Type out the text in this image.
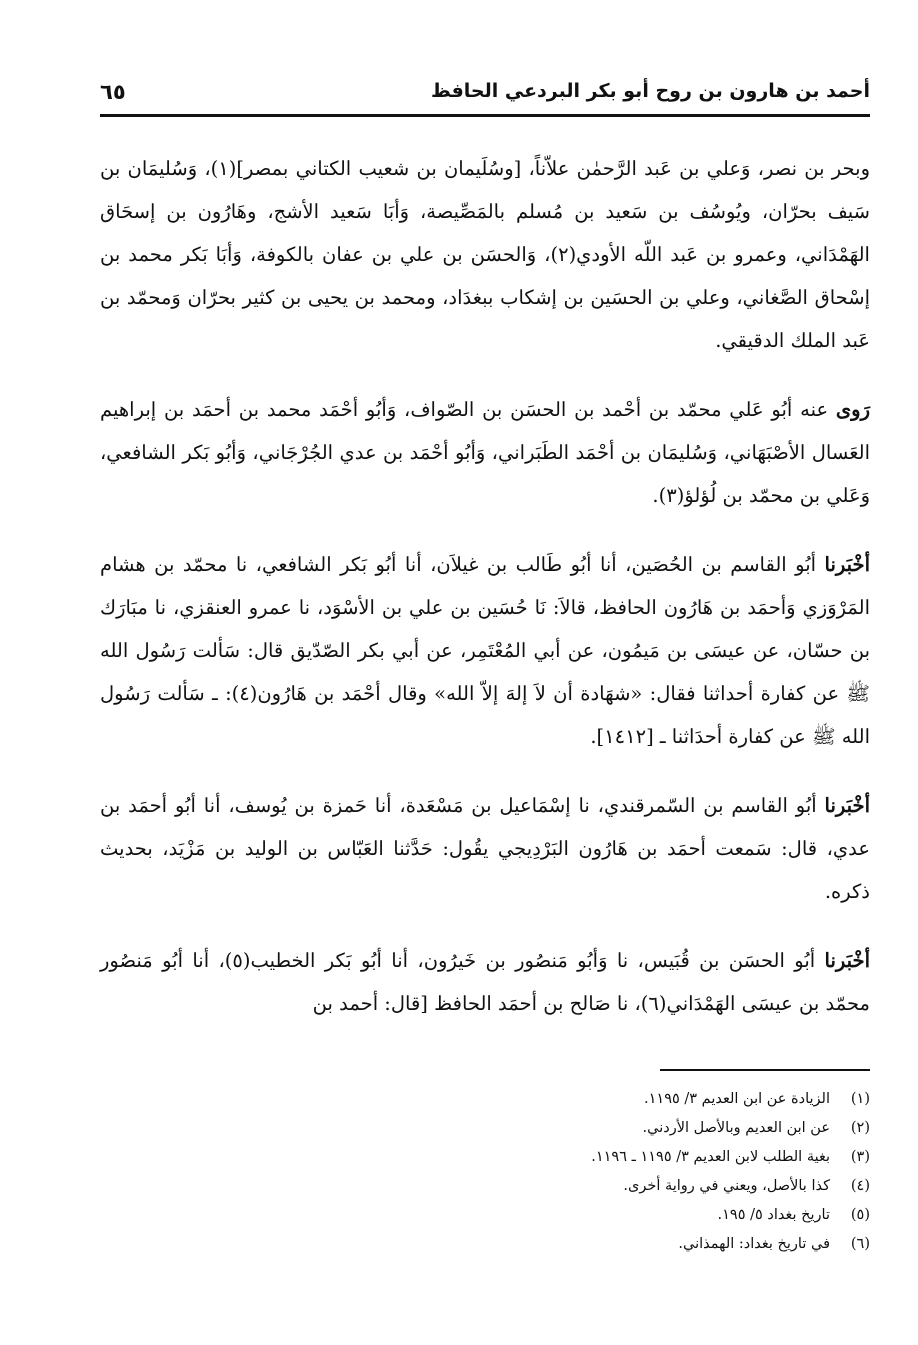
أحمد بن هارون بن روح أبو بكر البردعي الحافظ
٦٥

وبحر بن نصر، وَعلي بن عَبد الرَّحمٰن علاّناً، [وسُلَيمان بن شعيب الكتاني بمصر](١)، وَسُليمَان بن سَيف بحرّان، ويُوسُف بن سَعيد بن مُسلم بالمَصِّيصة، وَأبَا سَعيد الأشج، وهَارُون بن إسحَاق الهَمْدَاني، وعمرو بن عَبد اللّه الأودي(٢)، وَالحسَن بن علي بن عفان بالكوفة، وَأبَا بَكر محمد بن إسْحاق الصَّغاني، وعلي بن الحسَين بن إشكاب ببغدَاد، ومحمد بن يحيى بن كثير بحرّان وَمحمّد بن عَبد الملك الدقيقي.

رَوى عنه أبُو عَلي محمّد بن أحْمد بن الحسَن بن الصّواف، وَأبُو أحْمَد محمد بن أحمَد بن إبراهيم العَسال الأصْبَهَاني، وَسُليمَان بن أحْمَد الطَبَراني، وَأبُو أحْمَد بن عدي الجُرْجَاني، وَأبُو بَكر الشافعي، وَعَلي بن محمّد بن لُؤلؤ(٣).

أخْبَرنا أبُو القاسم بن الحُصَين، أنا أبُو طَالب بن غيلاَن، أنا أبُو بَكر الشافعي، نا محمّد بن هشام المَرْوَزي وَأحمَد بن هَارُون الحافظ، قالاَ: نَا حُسَين بن علي بن الأسْوَد، نا عمرو العنقزي، نا مبَارَك بن حسّان، عن عيسَى بن مَيمُون، عن أبي المُعْتَمِر، عن أبي بكر الصّدّيق قال: سَألت رَسُول الله ﷺ عن كفارة أحداثنا فقال: «شهَادة أن لاَ إلهَ إلاّ الله» وقال أحْمَد بن هَارُون(٤): ـ سَألت رَسُول الله ﷺ عن كفارة أحدَاثنا ـ [١٤١٢].

أخْبَرنا أبُو القاسم بن السّمرقندي، نا إسْمَاعيل بن مَسْعَدة، أنا حَمزة بن يُوسف، أنا أبُو أحمَد بن عدي، قال: سَمعت أحمَد بن هَارُون البَرْدِيجي يقُول: حَدَّثنا العَبّاس بن الوليد بن مَزْيَد، بحديث ذكره.

أخْبَرنا أبُو الحسَن بن قُبَيس، نا وَأبُو مَنصُور بن خَيرُون، أنا أبُو بَكر الخطيب(٥)، أنا أبُو مَنصُور محمّد بن عيسَى الهَمْدَاني(٦)، نا صَالح بن أحمَد الحافظ [قال: أحمد بن

(١)
الزيادة عن ابن العديم ٣/ ١١٩٥.
(٢)
عن ابن العديم وبالأصل الأردني.
(٣)
بغية الطلب لابن العديم ٣/ ١١٩٥ ـ ١١٩٦.
(٤)
كذا بالأصل، ويعني في رواية أخرى.
(٥)
تاريخ بغداد ٥/ ١٩٥.
(٦)
في تاريخ بغداد: الهمذاني.
